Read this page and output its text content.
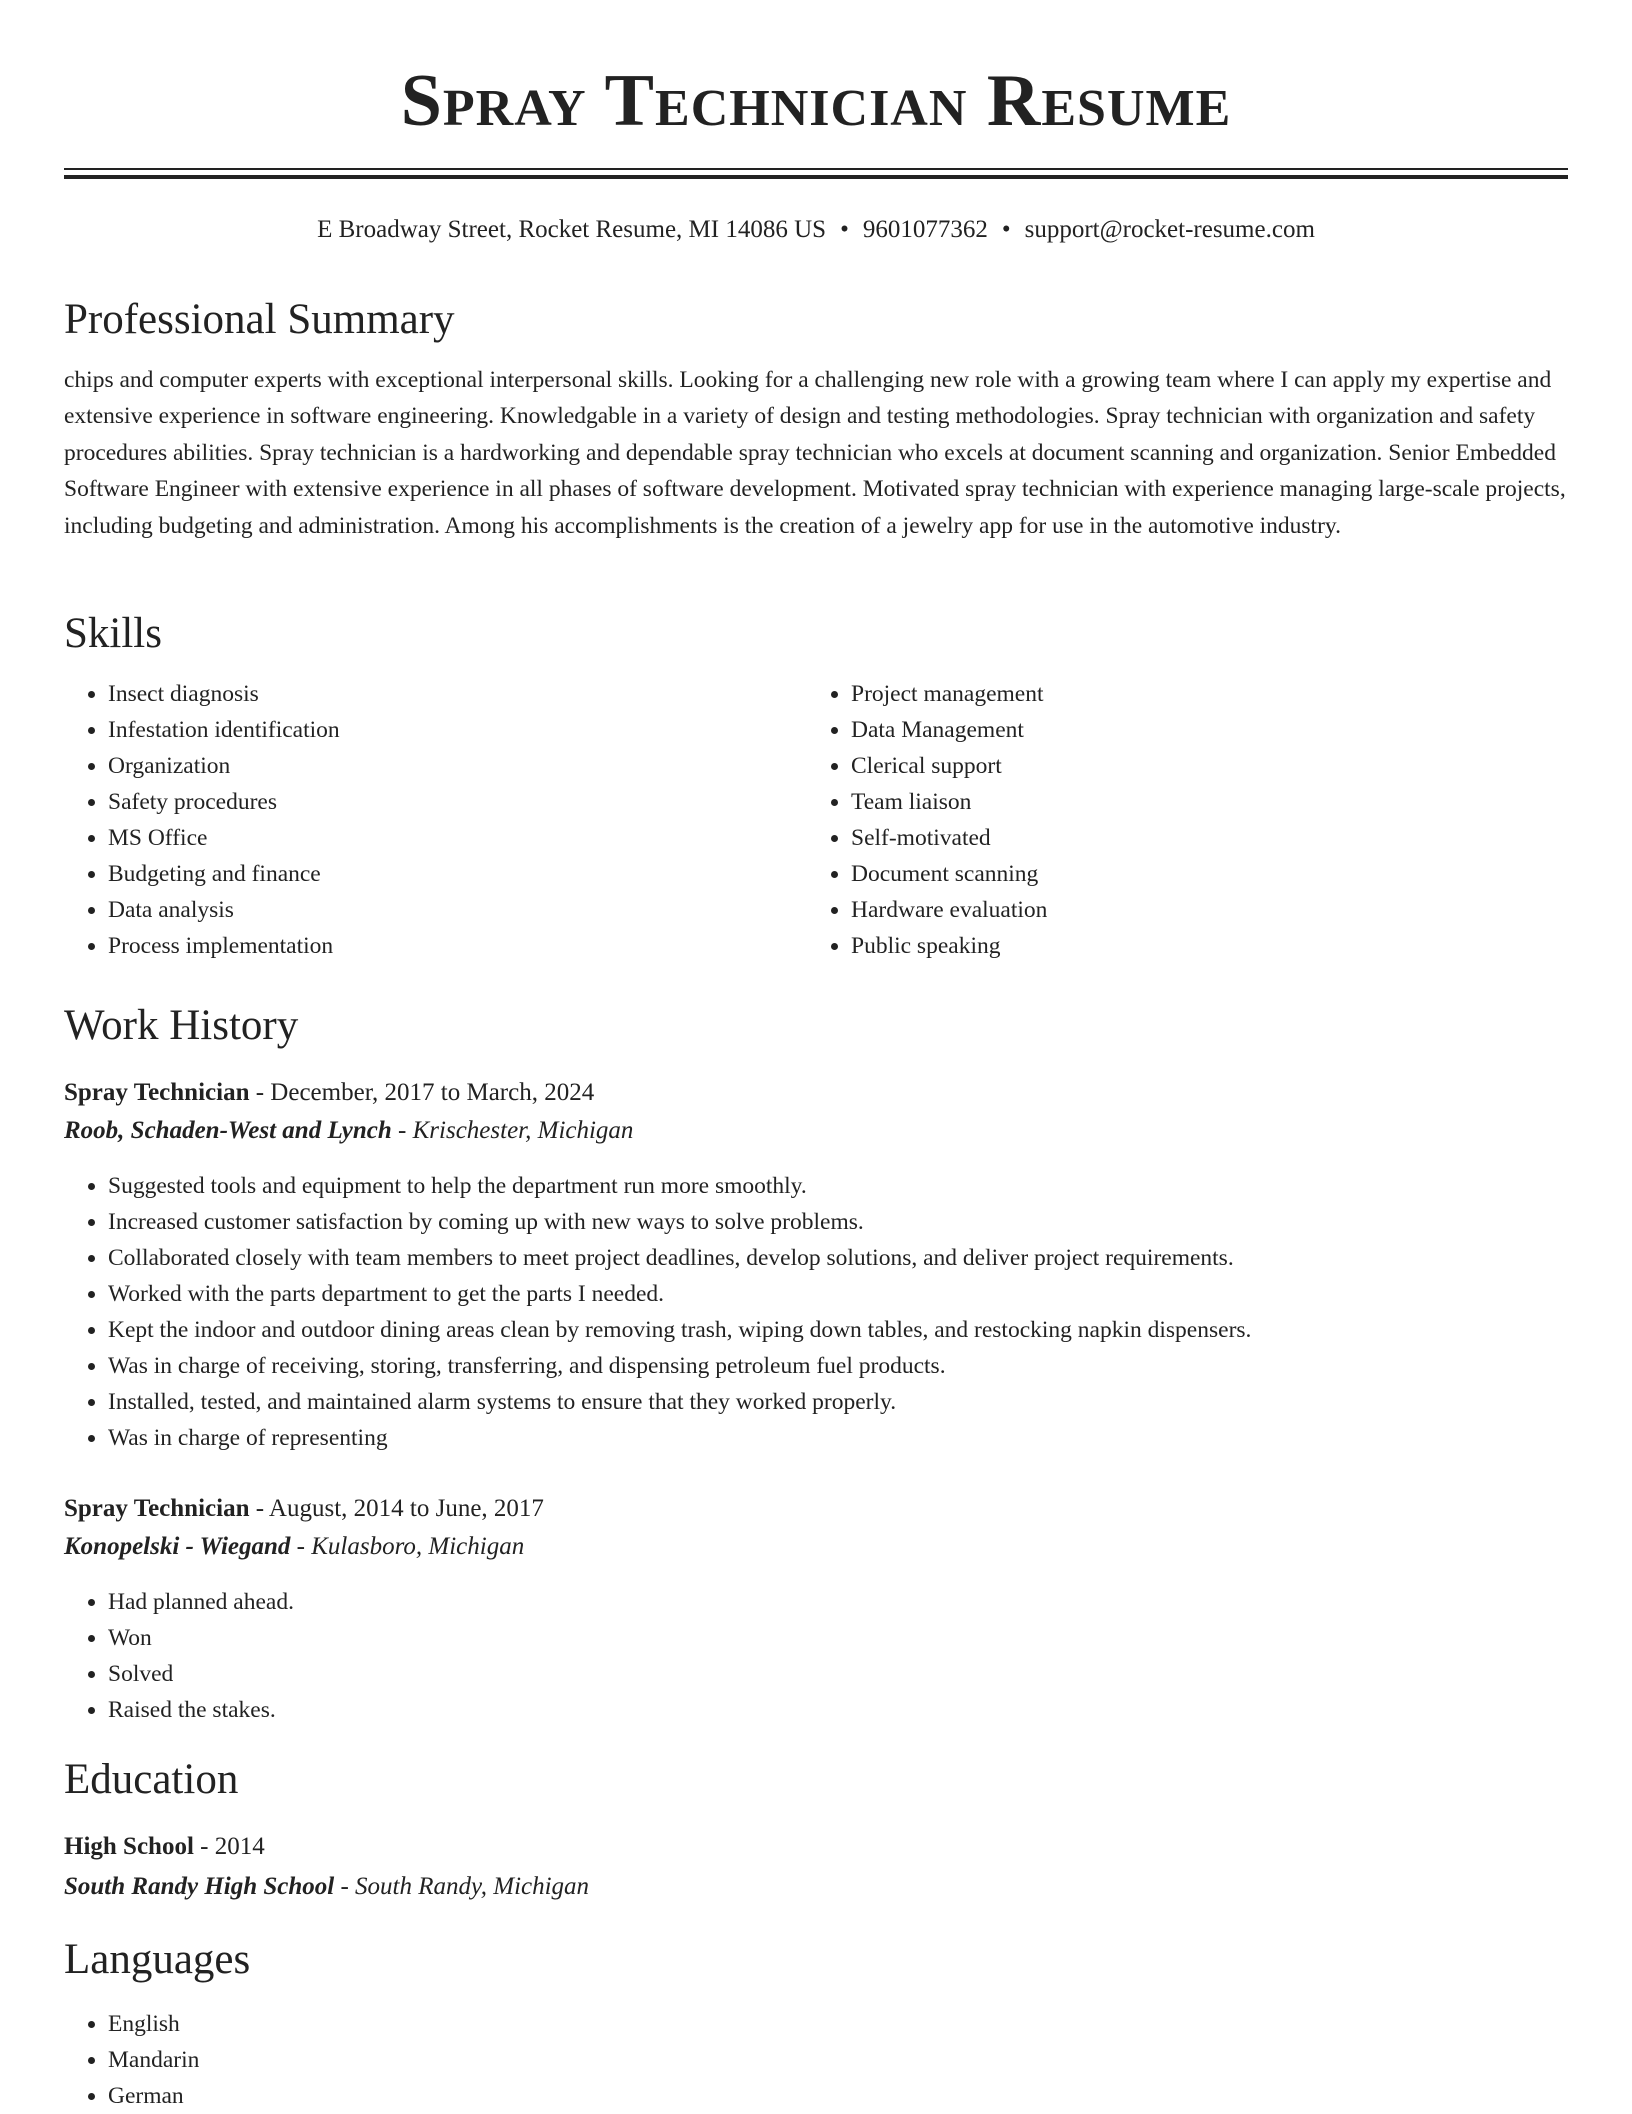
Spray Technician Resume
E Broadway Street, Rocket Resume, MI 14086 US • 9601077362 • support@rocket-resume.com
Professional Summary

chips and computer experts with exceptional interpersonal skills. Looking for a challenging new role with a growing team where I can apply my expertise and extensive experience in software engineering. Knowledgable in a variety of design and testing methodologies. Spray technician with organization and safety procedures abilities. Spray technician is a hardworking and dependable spray technician who excels at document scanning and organization. Senior Embedded Software Engineer with extensive experience in all phases of software development. Motivated spray technician with experience managing large-scale projects, including budgeting and administration. Among his accomplishments is the creation of a jewelry app for use in the automotive industry.

Skills
• Insect diagnosis
• Infestation identification
• Organization
• Safety procedures
• MS Office
• Budgeting and finance
• Data analysis
• Process implementation
• Project management
• Data Management
• Clerical support
• Team liaison
• Self-motivated
• Document scanning
• Hardware evaluation
• Public speaking
Work History
Spray Technician - December, 2017 to March, 2024
Roob, Schaden-West and Lynch - Krischester, Michigan
• Suggested tools and equipment to help the department run more smoothly.
• Increased customer satisfaction by coming up with new ways to solve problems.
• Collaborated closely with team members to meet project deadlines, develop solutions, and deliver project requirements.
• Worked with the parts department to get the parts I needed.
• Kept the indoor and outdoor dining areas clean by removing trash, wiping down tables, and restocking napkin dispensers.
• Was in charge of receiving, storing, transferring, and dispensing petroleum fuel products.
• Installed, tested, and maintained alarm systems to ensure that they worked properly.
• Was in charge of representing
Spray Technician - August, 2014 to June, 2017
Konopelski - Wiegand - Kulasboro, Michigan
• Had planned ahead.
• Won
• Solved
• Raised the stakes.
Education
High School - 2014
South Randy High School - South Randy, Michigan
Languages
• English
• Mandarin
• German
